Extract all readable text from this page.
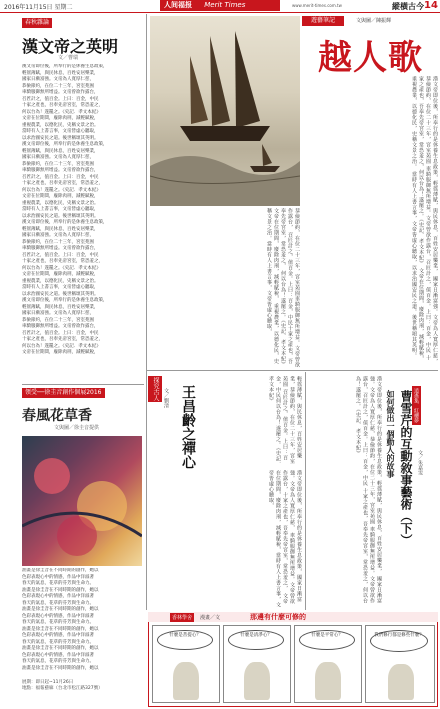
2016年11月15日 星期二	人间福报 Merit Times	www.merit-times.com.tw	縱橫古今 14
春秋雜論
漢文帝之英明
文／曹瑞

漢文帝即位後，所奉行的是休養生息政策，

輕徭薄賦，與民休息，百姓安居樂業，

國家日漸富強。文帝為人寬厚仁慈，

恭儉節約，在位二十三年，宮室苑囿

車騎服御無所增益。文帝曾欲作露台，

召匠計之，值百金。上曰：百金，中民

十家之產也，吾奉先帝宮室，常恐羞之，

何以台為！遂罷之。《史記．孝文本紀》

文帝在位期間，廢除肉刑，減輕賦稅，

重視農業，以德化民，史稱文景之治。

當時有人上書言事，文帝皆虛心聽取，

以求治國安民之道。後世稱頌其英明。

漢文帝即位後，所奉行的是休養生息政策，

輕徭薄賦，與民休息，百姓安居樂業，

國家日漸富強。文帝為人寬厚仁慈，

恭儉節約，在位二十三年，宮室苑囿

車騎服御無所增益。文帝曾欲作露台，

召匠計之，值百金。上曰：百金，中民

十家之產也，吾奉先帝宮室，常恐羞之，

何以台為！遂罷之。《史記．孝文本紀》

文帝在位期間，廢除肉刑，減輕賦稅，

重視農業，以德化民，史稱文景之治。

當時有人上書言事，文帝皆虛心聽取，

以求治國安民之道。後世稱頌其英明。

漢文帝即位後，所奉行的是休養生息政策，

輕徭薄賦，與民休息，百姓安居樂業，

國家日漸富強。文帝為人寬厚仁慈，

恭儉節約，在位二十三年，宮室苑囿

車騎服御無所增益。文帝曾欲作露台，

召匠計之，值百金。上曰：百金，中民

十家之產也，吾奉先帝宮室，常恐羞之，

何以台為！遂罷之。《史記．孝文本紀》

文帝在位期間，廢除肉刑，減輕賦稅，

重視農業，以德化民，史稱文景之治。

當時有人上書言事，文帝皆虛心聽取，

以求治國安民之道。後世稱頌其英明。

漢文帝即位後，所奉行的是休養生息政策，

輕徭薄賦，與民休息，百姓安居樂業，

國家日漸富強。文帝為人寬厚仁慈，

恭儉節約，在位二十三年，宮室苑囿

車騎服御無所增益。文帝曾欲作露台，

召匠計之，值百金。上曰：百金，中民

十家之產也，吾奉先帝宮室，常恐羞之，

何以台為！遂罷之。《史記．孝文本紀》

文帝在位期間，廢除肉刑，減輕賦稅，

遊藝筆記	文與圖／陳振輝
越人歌
漢文帝即位後，所奉行的是休養生息政策，輕徭薄賦，與民休息，百姓安居樂業， 國家日漸富強。文帝為人寬厚仁慈，恭儉節約，在位二十三年，宮室苑囿 車騎服御無所增益。文帝曾欲作露台，召匠計之，值百金。上曰：百金，中民 十家之產也，吾奉先帝宮室，常恐羞之，何以台為！遂罷之。《史記．孝文本紀》 文帝在位期間，廢除肉刑，減輕賦稅，重視農業，以德化民，史稱文景之治。 當時有人上書言事，文帝皆虛心聽取，以求治國安民之道。後世稱頌其英明。
恭儉節約，在位二十三年，宮室苑囿車騎服御無所增益。文帝曾欲作露台， 召匠計之，值百金。上曰：百金，中民十家之產也，吾奉先帝宮室，常恐羞之， 何以台為！遂罷之。《史記．孝文本紀》文帝在位期間，廢除肉刑，減輕賦稅， 重視農業，以德化民，史稱文景之治。當時有人上書言事，文帝皆虛心聽取，
領受──徐圭音創作個展2016
春風花草香
文與圖／徐圭音提供

油畫是徐圭音在不同時期的創作，她以

色彩表現心中的情感，作品中洋溢著

春天的氣息，花草的芬芳與生命力。

油畫是徐圭音在不同時期的創作，她以

色彩表現心中的情感，作品中洋溢著

春天的氣息，花草的芬芳與生命力。

油畫是徐圭音在不同時期的創作，她以

色彩表現心中的情感，作品中洋溢著

春天的氣息，花草的芬芳與生命力。

油畫是徐圭音在不同時期的創作，她以

色彩表現心中的情感，作品中洋溢著

春天的氣息，花草的芬芳與生命力。

油畫是徐圭音在不同時期的創作，她以

色彩表現心中的情感，作品中洋溢著

春天的氣息，花草的芬芳與生命力。

油畫是徐圭音在不同時期的創作，她以

展期：即日起~11月26日
地點：福報藝廊（台北市松江路327號）
探究古人 王昌齡之禪心
文／劉清
漢文帝即位後，所奉行的是休養生息政策，國家日漸富強。文帝為人寬厚仁慈， 車騎服御無所增益。文帝曾欲作露台，十家之產也，吾奉先帝宮室，常恐羞之， 文帝在位期間，廢除肉刑，減輕賦稅，當時有人上書言事，文帝皆虛心聽取，
輕徭薄賦，與民休息，百姓安居樂業，恭儉節約，在位二十三年，宮室苑囿 召匠計之，值百金。上曰：百金，中民何以台為！遂罷之。《史記．孝文本紀》	逍遙集．紅樓夢
曹雪芹的互動敘事藝術（下）
如何做出一個動人的故事	文／朱嘉雯
漢文帝即位後，所奉行的是休養生息政策，輕徭薄賦，與民休息，百姓安居樂業， 國家日漸富強。文帝為人寬厚仁慈，恭儉節約，在位二十三年，宮室苑囿 車騎服御無所增益。文帝曾欲作露台，召匠計之，值百金。上曰：百金，中民 十家之產也，吾奉先帝宮室，常恐羞之，何以台為！遂罷之。《史記．孝文本紀》
香林學舍	漫畫／文	那邊有什麼可修的
什麼是菩提心？	什麼是清淨心？	什麼是平常心？	我們修行都是修些什麼？
